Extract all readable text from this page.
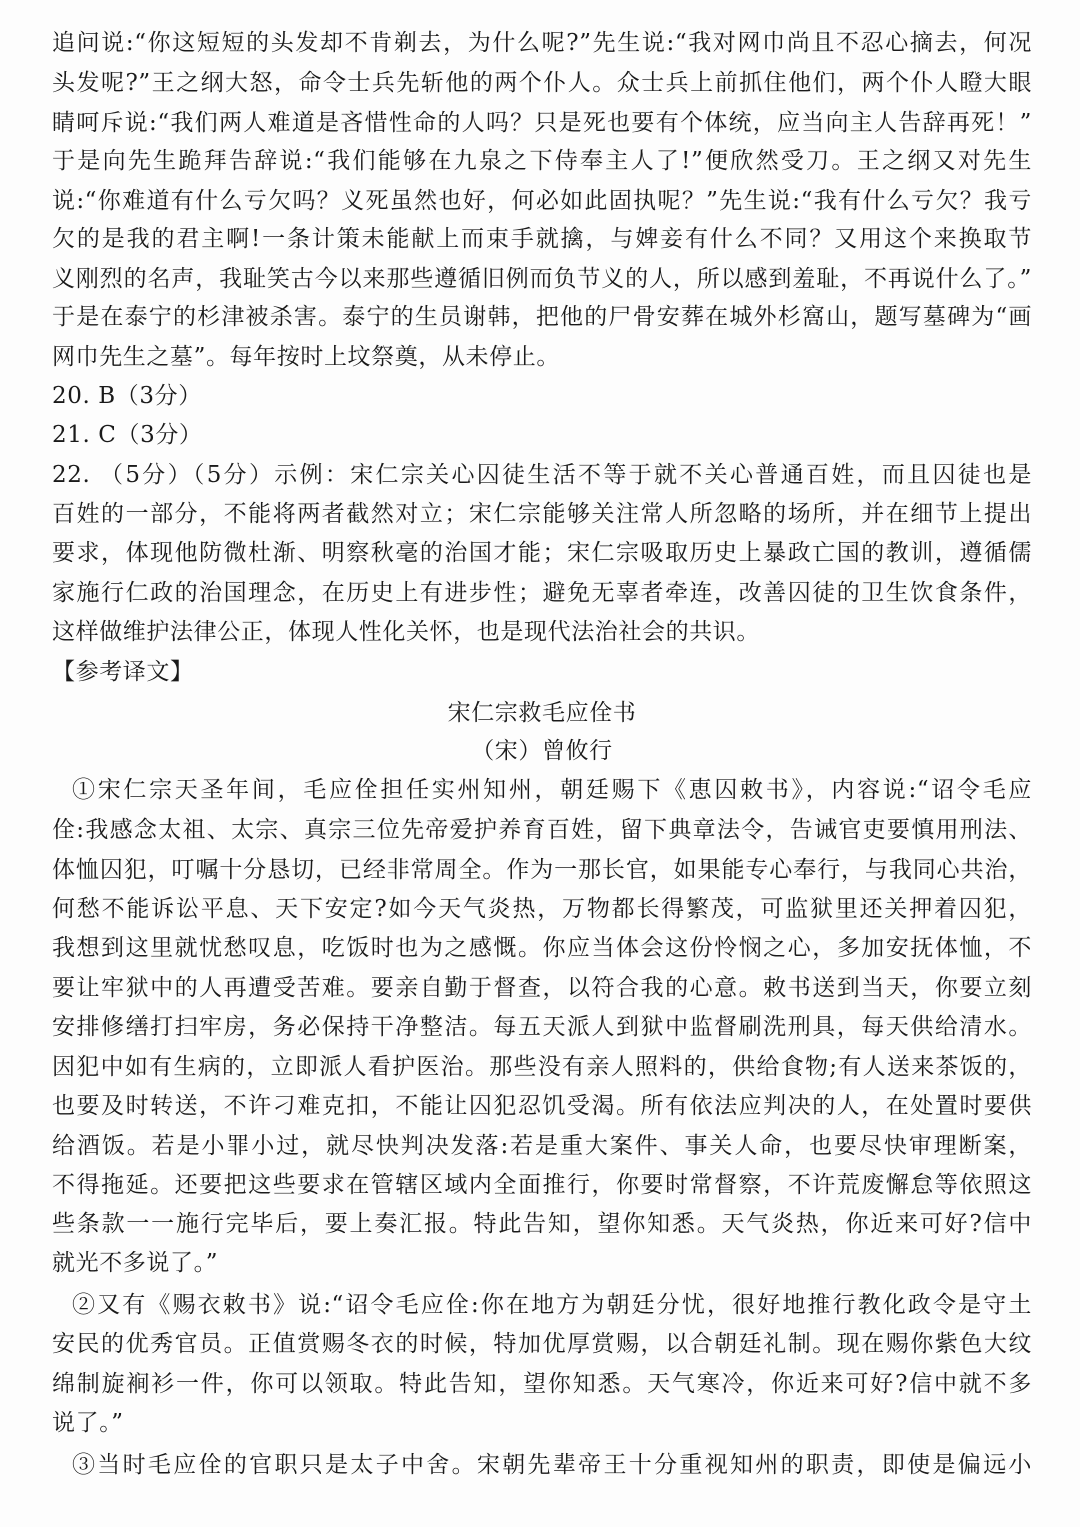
追问说:“你这短短的头发却不肯剃去，为什么呢?”先生说:“我对网巾尚且不忍心摘去，何况
头发呢?”王之纲大怒，命令士兵先斩他的两个仆人。众士兵上前抓住他们，两个仆人瞪大眼
睛呵斥说:“我们两人难道是吝惜性命的人吗？只是死也要有个体统，应当向主人告辞再死！”
于是向先生跪拜告辞说:“我们能够在九泉之下侍奉主人了!”便欣然受刀。王之纲又对先生
说:“你难道有什么亏欠吗？义死虽然也好，何必如此固执呢？”先生说:“我有什么亏欠？我亏
欠的是我的君主啊!一条计策未能献上而束手就擒，与婢妾有什么不同？又用这个来换取节
义刚烈的名声，我耻笑古今以来那些遵循旧例而负节义的人，所以感到羞耻，不再说什么了。”
于是在泰宁的杉津被杀害。泰宁的生员谢韩，把他的尸骨安葬在城外杉窩山，题写墓碑为“画
网巾先生之墓”。每年按时上坟祭奠，从未停止。
20. B（3分）
21. C（3分）
22. （5分）（5分）示例：宋仁宗关心囚徒生活不等于就不关心普通百姓，而且囚徒也是
百姓的一部分，不能将两者截然对立；宋仁宗能够关注常人所忽略的场所，并在细节上提出
要求，体现他防微杜渐、明察秋毫的治国才能；宋仁宗吸取历史上暴政亡国的教训，遵循儒
家施行仁政的治国理念，在历史上有进步性；避免无辜者牵连，改善囚徒的卫生饮食条件，
这样做维护法律公正，体现人性化关怀，也是现代法治社会的共识。
【参考译文】
宋仁宗救毛应佺书
（宋）曾攸行
①宋仁宗天圣年间，毛应佺担任实州知州，朝廷赐下《恵囚敕书》，内容说:“诏令毛应
佺:我感念太祖、太宗、真宗三位先帝爱护养育百姓，留下典章法令，告诫官吏要慎用刑法、
体恤囚犯，叮嘱十分恳切，已经非常周全。作为一那长官，如果能专心奉行，与我同心共治，
何愁不能诉讼平息、天下安定?如今天气炎热，万物都长得繁茂，可监狱里还关押着囚犯，
我想到这里就忧愁叹息，吃饭时也为之感慨。你应当体会这份怜悯之心，多加安抚体恤，不
要让牢狱中的人再遭受苦难。要亲自勤于督查，以符合我的心意。敕书送到当天，你要立刻
安排修缮打扫牢房，务必保持干净整洁。每五天派人到狱中监督刷洗刑具，每天供给清水。
因犯中如有生病的，立即派人看护医治。那些没有亲人照料的，供给食物;有人送来茶饭的，
也要及时转送，不许刁难克扣，不能让囚犯忍饥受渴。所有依法应判决的人，在处置时要供
给酒饭。若是小罪小过，就尽快判决发落:若是重大案件、事关人命，也要尽快审理断案，
不得拖延。还要把这些要求在管辖区域内全面推行，你要时常督察，不许荒废懈怠等依照这
些条款一一施行完毕后，要上奏汇报。特此告知，望你知悉。天气炎热，你近来可好?信中
就光不多说了。”
②又有《赐衣敕书》说:“诏令毛应佺:你在地方为朝廷分忧，很好地推行教化政令是守土
安民的优秀官员。正值赏赐冬衣的时候，特加优厚赏赐，以合朝廷礼制。现在赐你紫色大纹
绵制旋裥衫一件，你可以领取。特此告知，望你知悉。天气寒冷，你近来可好?信中就不多
说了。”
③当时毛应佺的官职只是太子中舍。宋朝先辈帝王十分重视知州的职责，即使是偏远小
